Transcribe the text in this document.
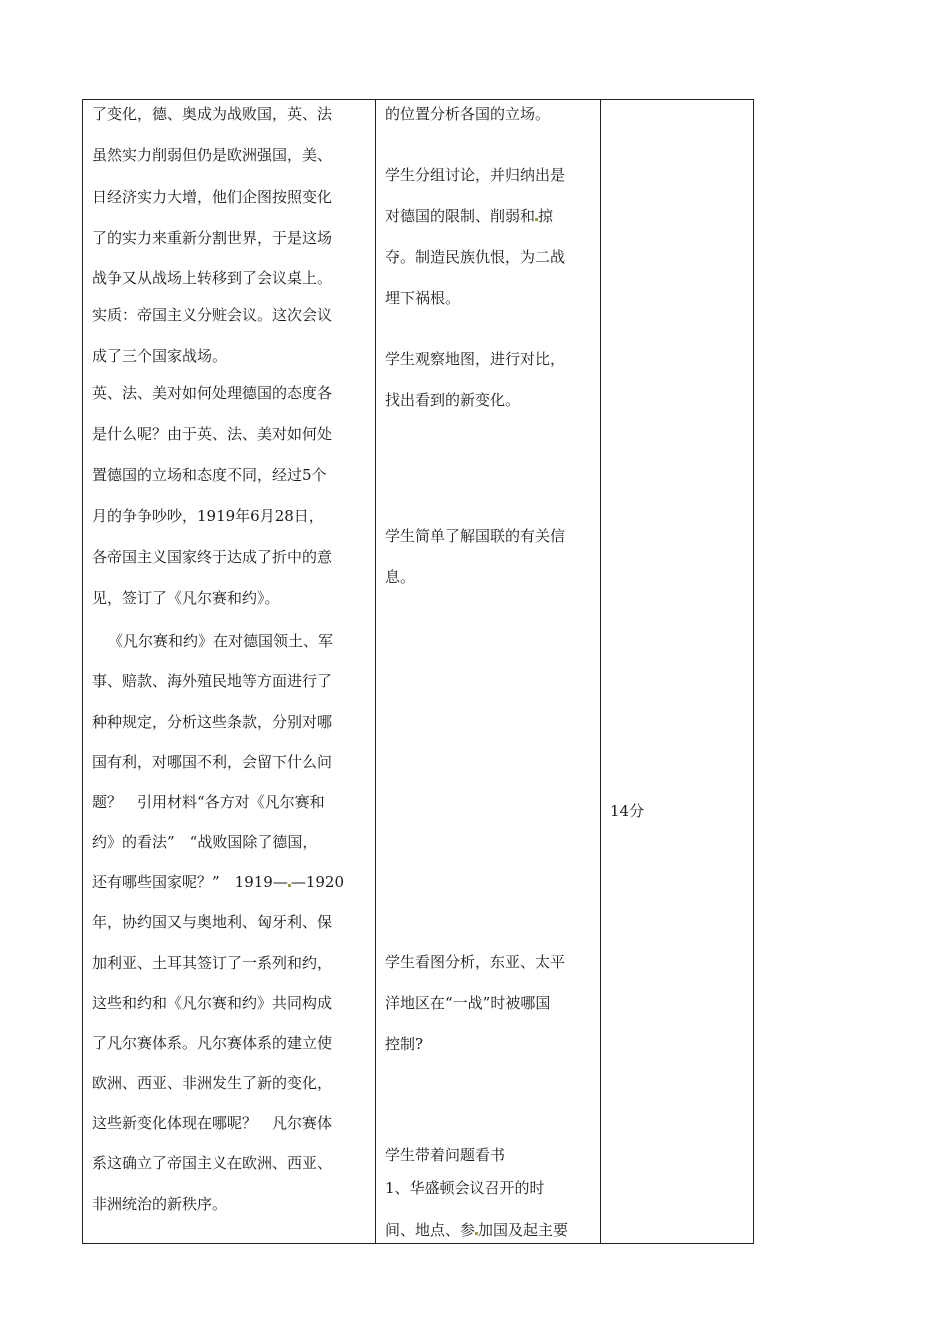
了变化，德、奥成为战败国，英、法
虽然实力削弱但仍是欧洲强国，美、
日经济实力大增，他们企图按照变化
了的实力来重新分割世界，于是这场
战争又从战场上转移到了会议桌上。
实质：帝国主义分赃会议。这次会议
成了三个国家战场。
英、法、美对如何处理德国的态度各
是什么呢？由于英、法、美对如何处
置德国的立场和态度不同，经过5个
月的争争吵吵，1919年6月28日，
各帝国主义国家终于达成了折中的意
见，签订了《凡尔赛和约》。
《凡尔赛和约》在对德国领土、军
事、赔款、海外殖民地等方面进行了
种种规定，分析这些条款，分别对哪
国有利，对哪国不利，会留下什么问
题？　引用材料“各方对《凡尔赛和
约》的看法”　“战败国除了德国，
还有哪些国家呢？”　1919— —1920
年，协约国又与奥地利、匈牙利、保
加利亚、土耳其签订了一系列和约，
这些和约和《凡尔赛和约》共同构成
了凡尔赛体系。凡尔赛体系的建立使
欧洲、西亚、非洲发生了新的变化，
这些新变化体现在哪呢？　凡尔赛体
系这确立了帝国主义在欧洲、西亚、
非洲统治的新秩序。
的位置分析各国的立场。
学生分组讨论，并归纳出是
对德国的限制、削弱和 掠
夺。制造民族仇恨，为二战
埋下祸根。
学生观察地图，进行对比，
找出看到的新变化。
学生简单了解国联的有关信
息。
学生看图分析，东亚、太平
洋地区在“一战”时被哪国
控制?
学生带着问题看书
1、华盛顿会议召开的时
间、地点、参 加国及起主要
14分
